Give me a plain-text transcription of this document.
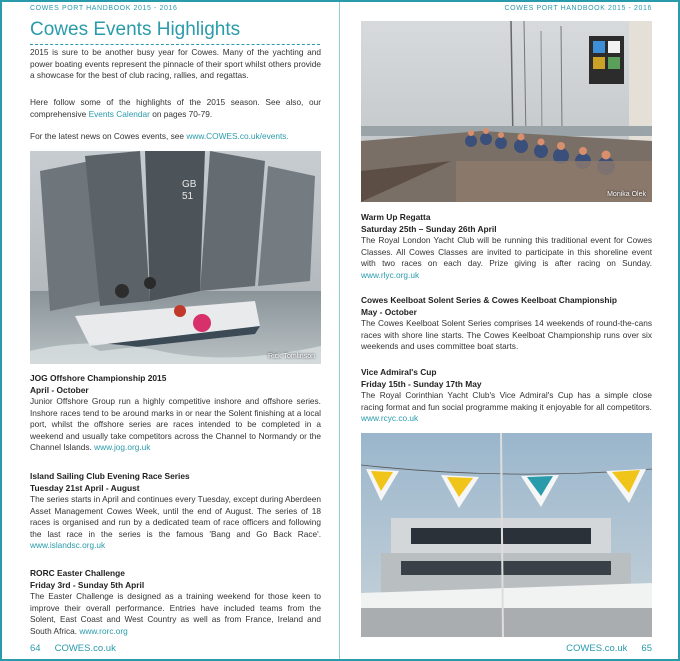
COWES PORT HANDBOOK 2015 - 2016	COWES PORT HANDBOOK 2015 - 2016
Cowes Events Highlights

2015 is sure to be another busy year for Cowes. Many of the yachting and power boating events represent the pinnacle of their sport whilst others provide a showcase for the best of club racing, rallies, and regattas.

Here follow some of the highlights of the 2015 season. See also, our comprehensive Events Calendar on pages 70-79.

For the latest news on Cowes events, see www.COWES.co.uk/events.

GB
51
Rick Tomlinson
JOG Offshore Championship 2015
April - October
Junior Offshore Group run a highly competitive inshore and offshore series. Inshore races tend to be around marks in or near the Solent finishing at a local port, whilst the offshore series are races intended to be completed in a weekend and usually take competitors across the Channel to Normandy or the Channel Islands. www.jog.org.uk
Island Sailing Club Evening Race Series
Tuesday 21st April - August
The series starts in April and continues every Tuesday, except during Aberdeen Asset Management Cowes Week, until the end of August. The series of 18 races is organised and run by a dedicated team of race officers and following the last race in the series is the famous 'Bang and Go Back Race'. www.islandsc.org.uk
RORC Easter Challenge
Friday 3rd - Sunday 5th April
The Easter Challenge is designed as a training weekend for those keen to improve their overall performance. Entries have included teams from the Solent, East Coast and West Country as well as from France, Ireland and South Africa. www.rorc.org
Monika Olek
Warm Up Regatta
Saturday 25th – Sunday 26th April
The Royal London Yacht Club will be running this traditional event for Cowes Classes. All Cowes Classes are invited to participate in this shoreline event with two races on each day. Prize giving is after racing on Sunday. www.rlyc.org.uk
Cowes Keelboat Solent Series & Cowes Keelboat Championship
May - October
The Cowes Keelboat Solent Series comprises 14 weekends of round-the-cans races with shore line starts. The Cowes Keelboat Championship runs over six weekends and uses committee boat starts.
Vice Admiral's Cup
Friday 15th - Sunday 17th May
The Royal Corinthian Yacht Club's Vice Admiral's Cup has a simple close racing format and fun social programme making it enjoyable for all competitors. www.rcyc.co.uk
64 COWES.co.uk	COWES.co.uk 65
